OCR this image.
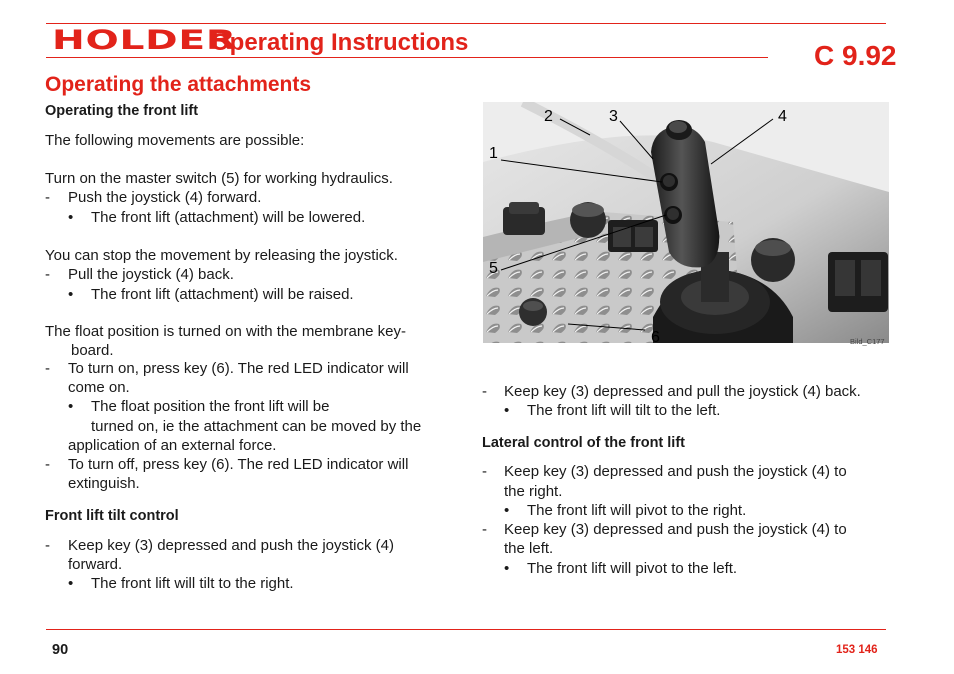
HOLDER
Operating Instructions	C 9.92
Operating the attachments
Operating the front lift
The following movements are possible:
Turn on the master switch (5) for working hydraulics.
- Push the joystick (4) forward.
• The front lift (attachment) will be lowered.
You can stop the movement by releasing the joystick.
- Pull the joystick (4) back.
• The front lift (attachment) will be raised.
The float position is turned on with the membrane key-
board.
- To turn on, press key (6). The red LED indicator will
come on.
• The float position the front lift will be
turned on, ie the attachment can be moved by the
application of an external force.
- To turn off, press key (6). The red LED indicator will
extinguish.
Front lift tilt control
- Keep key (3) depressed and push the joystick (4)
forward.
• The front lift will tilt to the right.
2	3	4
1
5
6	Bild_C177
- Keep key (3) depressed and pull the joystick (4) back.
• The front lift will tilt to the left.
Lateral control of the front lift
- Keep key (3) depressed and push the joystick (4) to
the right.
• The front lift will pivot to the right.
- Keep key (3) depressed and push the joystick (4) to
the left.
• The front lift will pivot to the left.
90	153 146
